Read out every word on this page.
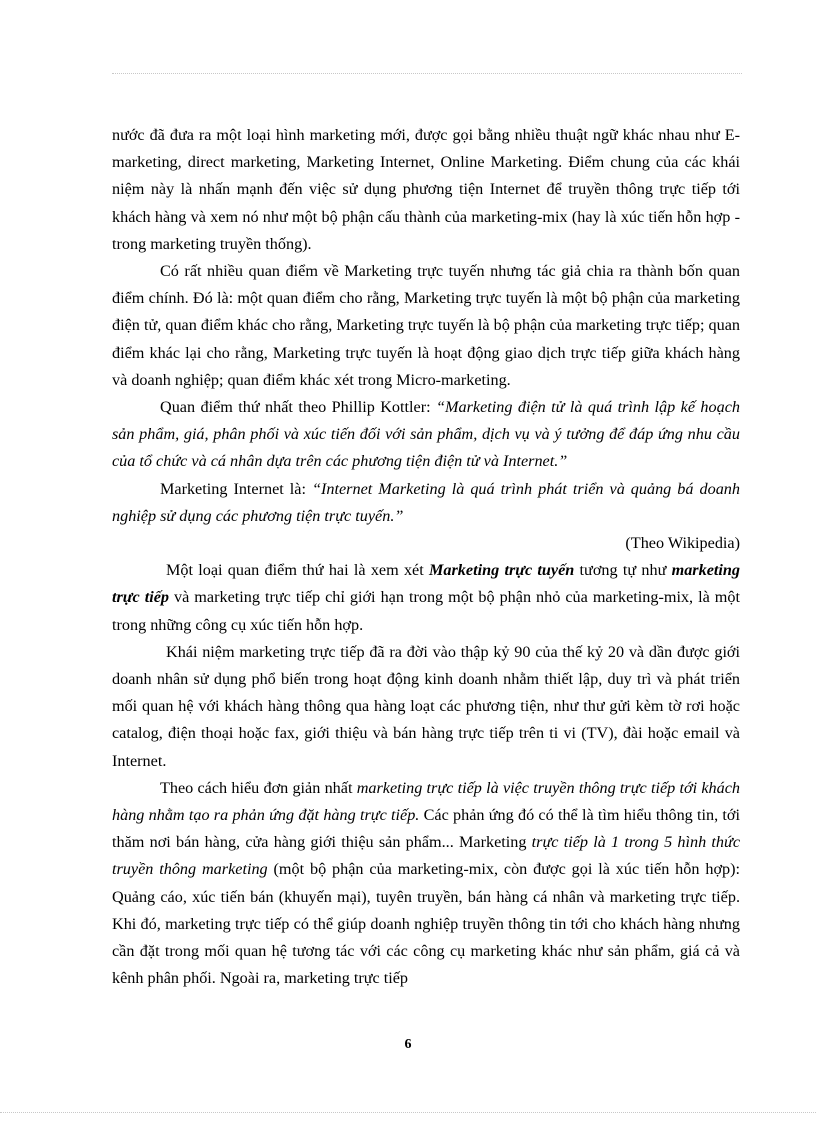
nước đã đưa ra một loại hình marketing mới, được gọi bằng nhiều thuật ngữ khác nhau như E-marketing, direct marketing, Marketing Internet, Online Marketing. Điểm chung của các khái niệm này là nhấn mạnh đến việc sử dụng phương tiện Internet để truyền thông trực tiếp tới khách hàng và xem nó như một bộ phận cấu thành của marketing-mix (hay là xúc tiến hỗn hợp - trong marketing truyền thống).

Có rất nhiều quan điểm về Marketing trực tuyến nhưng tác giả chia ra thành bốn quan điểm chính. Đó là: một quan điểm cho rằng, Marketing trực tuyến là một bộ phận của marketing điện tử, quan điểm khác cho rằng, Marketing trực tuyến là bộ phận của marketing trực tiếp; quan điểm khác lại cho rằng, Marketing trực tuyến là hoạt động giao dịch trực tiếp giữa khách hàng và doanh nghiệp; quan điểm khác xét trong Micro-marketing.

Quan điểm thứ nhất theo Phillip Kottler: “Marketing điện tử là quá trình lập kế hoạch sản phẩm, giá, phân phối và xúc tiến đối với sản phẩm, dịch vụ và ý tưởng để đáp ứng nhu cầu của tổ chức và cá nhân dựa trên các phương tiện điện tử và Internet.”

Marketing Internet là: “Internet Marketing là quá trình phát triển và quảng bá doanh nghiệp sử dụng các phương tiện trực tuyến.”

(Theo Wikipedia)

Một loại quan điểm thứ hai là xem xét Marketing trực tuyến tương tự như marketing trực tiếp và marketing trực tiếp chỉ giới hạn trong một bộ phận nhỏ của marketing-mix, là một trong những công cụ xúc tiến hỗn hợp.

Khái niệm marketing trực tiếp đã ra đời vào thập kỷ 90 của thế kỷ 20 và dần được giới doanh nhân sử dụng phổ biến trong hoạt động kinh doanh nhằm thiết lập, duy trì và phát triển mối quan hệ với khách hàng thông qua hàng loạt các phương tiện, như thư gửi kèm tờ rơi hoặc catalog, điện thoại hoặc fax, giới thiệu và bán hàng trực tiếp trên ti vi (TV), đài hoặc email và Internet.

Theo cách hiểu đơn giản nhất marketing trực tiếp là việc truyền thông trực tiếp tới khách hàng nhằm tạo ra phản ứng đặt hàng trực tiếp. Các phản ứng đó có thể là tìm hiểu thông tin, tới thăm nơi bán hàng, cửa hàng giới thiệu sản phẩm... Marketing trực tiếp là 1 trong 5 hình thức truyền thông marketing (một bộ phận của marketing-mix, còn được gọi là xúc tiến hỗn hợp): Quảng cáo, xúc tiến bán (khuyến mại), tuyên truyền, bán hàng cá nhân và marketing trực tiếp. Khi đó, marketing trực tiếp có thể giúp doanh nghiệp truyền thông tin tới cho khách hàng nhưng cần đặt trong mối quan hệ tương tác với các công cụ marketing khác như sản phẩm, giá cả và kênh phân phối. Ngoài ra, marketing trực tiếp

6
